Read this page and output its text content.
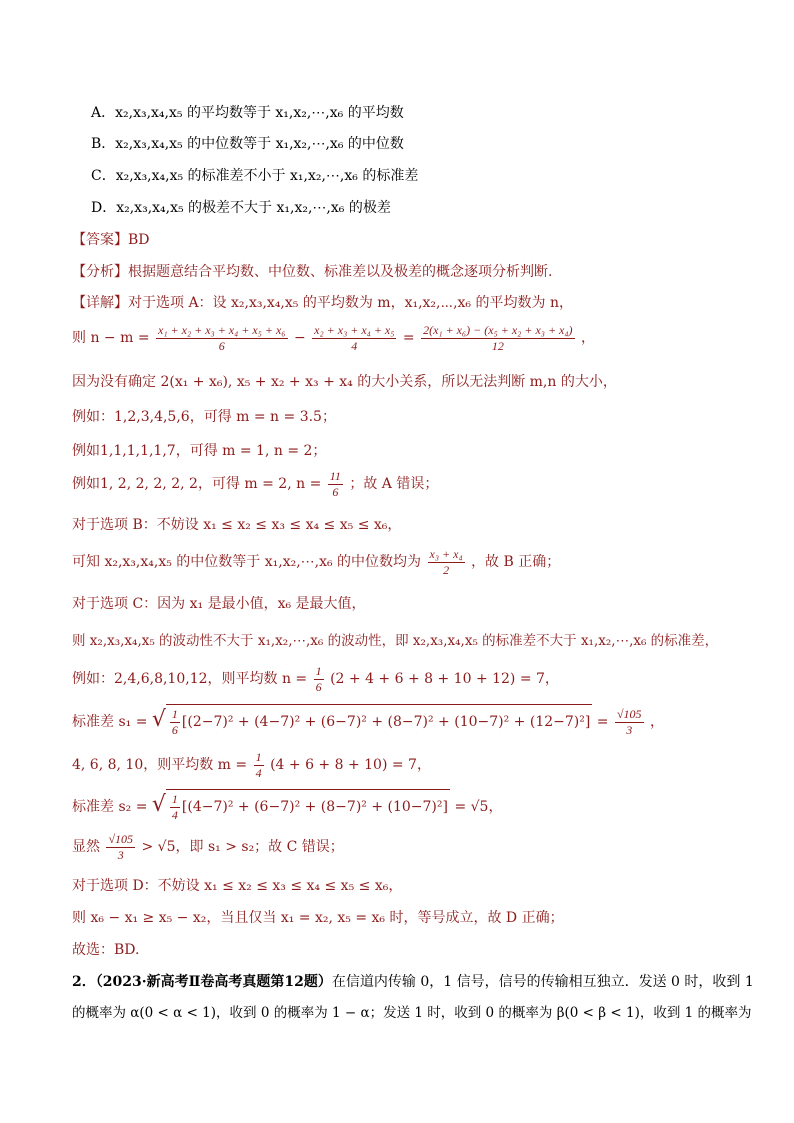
A．x₂,x₃,x₄,x₅ 的平均数等于 x₁,x₂,⋯,x₆ 的平均数
B．x₂,x₃,x₄,x₅ 的中位数等于 x₁,x₂,⋯,x₆ 的中位数
C．x₂,x₃,x₄,x₅ 的标准差不小于 x₁,x₂,⋯,x₆ 的标准差
D．x₂,x₃,x₄,x₅ 的极差不大于 x₁,x₂,⋯,x₆ 的极差
【答案】BD
【分析】根据题意结合平均数、中位数、标准差以及极差的概念逐项分析判断.
【详解】对于选项 A：设 x₂,x₃,x₄,x₅ 的平均数为 m，x₁,x₂,⋯,x₆ 的平均数为 n，
则 $n - m = \frac{\text{x₁ + x₂ + x₃ + x₄ + x₅ + x₆}}{6} - \frac{\text{x₂ + x₃ + x₄ + x₅}}{4} = \frac{\text{2(x₁ + x₆) − (x₅ + x₂ + x₃ + x₄)}}{12}$ ，
因为没有确定 2(x₁ + x₆), x₅ + x₂ + x₃ + x₄ 的大小关系，所以无法判断 m,n 的大小，
例如：1,2,3,4,5,6，可得 m = n = 3.5；
例如1,1,1,1,1,7，可得 m = 1, n = 2；
例如1, 2, 2, 2, 2, 2，可得 m = 2, $n = \frac{11}{6}$ ；故 A 错误；
对于选项 B：不妨设 x₁ ≤ x₂ ≤ x₃ ≤ x₄ ≤ x₅ ≤ x₆，
可知 x₂,x₃,x₄,x₅ 的中位数等于 x₁,x₂,⋯,x₆ 的中位数均为 $\frac{\text{x₃ + x₄}}{2}$ ，故 B 正确；
对于选项 C：因为 x₁ 是最小值，x₆ 是最大值，
则 x₂,x₃,x₄,x₅ 的波动性不大于 x₁,x₂,⋯,x₆ 的波动性，即 x₂,x₃,x₄,x₅ 的标准差不大于 x₁,x₂,⋯,x₆ 的标准差，
例如：2,4,6,8,10,12，则平均数 $n = \frac{1}{6} (2 + 4 + 6 + 8 + 10 + 12) = 7$，
标准差 s₁ = √ $\frac{1}{6} [(2-7)^2 + (4-7)^2 + (6-7)^2 + (8-7)^2 + (10-7)^2 + (12-7)^2] = \frac{√105}{3}$ ，
4, 6, 8, 10，则平均数 $m = \frac{1}{4} (4 + 6 + 8 + 10) = 7$，
标准差 s₂ = √ $\frac{1}{4} [(4-7)^2 + (6-7)^2 + (8-7)^2 + (10-7)^2] = √5$，
显然 $\frac{√105}{3} > √5$，即 s₁ > s₂；故 C 错误；
对于选项 D：不妨设 x₁ ≤ x₂ ≤ x₃ ≤ x₄ ≤ x₅ ≤ x₆，
则 x₆ − x₁ ≥ x₅ − x₂，当且仅当 x₁ = x₂, x₅ = x₆ 时，等号成立，故 D 正确；
故选：BD.
2．（2023·新高考Ⅱ卷高考真题第12题）在信道内传输 0，1 信号，信号的传输相互独立．发送 0 时，收到 1
的概率为 α(0 < α < 1)，收到 0 的概率为 1 − α；发送 1 时，收到 0 的概率为 β(0 < β < 1)，收到 1 的概率为
